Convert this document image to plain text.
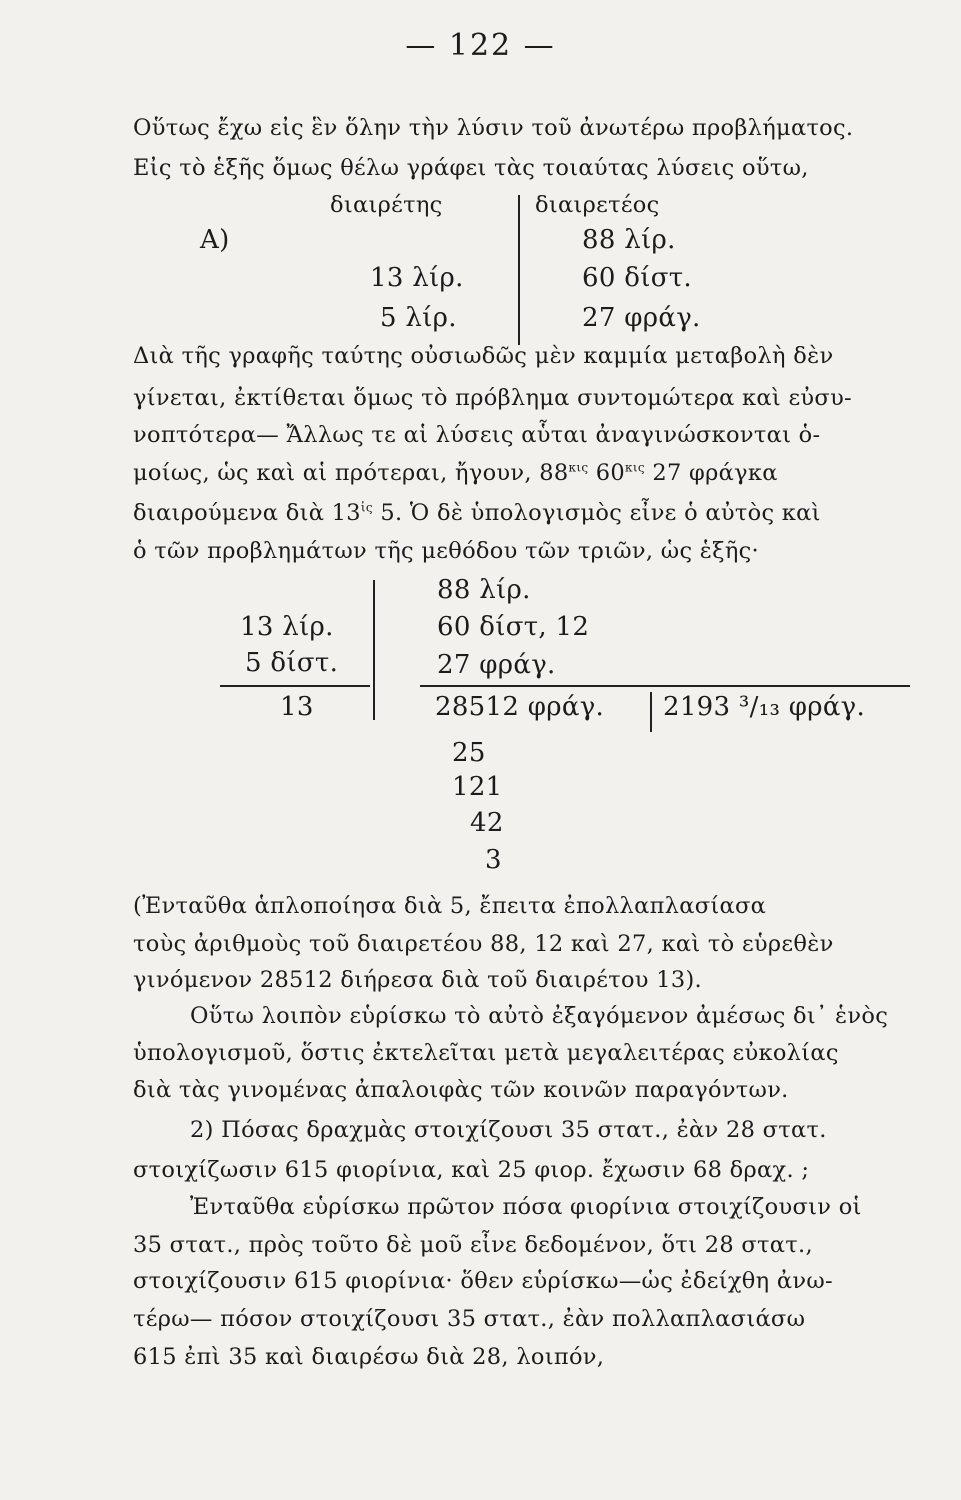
— 122 —
Οὕτως ἔχω εἰς ἓν ὅλην τὴν λύσιν τοῦ ἀνωτέρω προβλήματος.
Εἰς τὸ ἑξῆς ὅμως θέλω γράφει τὰς τοιαύτας λύσεις οὕτω,
Α)
διαιρέτης	διαιρετέος
13 λίρ.
5 λίρ.
88 λίρ.
60 δίστ.
27 φράγ.
Διὰ τῆς γραφῆς ταύτης οὐσιωδῶς μὲν καμμία μεταβολὴ δὲν
γίνεται, ἐκτίθεται ὅμως τὸ πρόβλημα συντομώτερα καὶ εὐσυ-
νοπτότερα— Ἄλλως τε αἱ λύσεις αὗται ἀναγινώσκονται ὁ-
μοίως, ὡς καὶ αἱ πρότεραι, ἤγουν, $88^{\kappa\iota\varsigma}$ $60^{\kappa\iota\varsigma}$ 27 φράγκα
διαιρούμενα διὰ $13^{ἰ\varsigma}$ 5. Ὁ δὲ ὑπολογισμὸς εἶνε ὁ αὐτὸς καὶ
ὁ τῶν προβλημάτων τῆς μεθόδου τῶν τριῶν, ὡς ἑξῆς·
88 λίρ.
60 δίστ, 12
27 φράγ.
13 λίρ.
5 δίστ.
13	28512 φράγ. 2193 ³/₁₃ φράγ.
25
121
42
3
(Ἐνταῦθα ἁπλοποίησα διὰ 5, ἔπειτα ἐπολλαπλασίασα
τοὺς ἀριθμοὺς τοῦ διαιρετέου 88, 12 καὶ 27, καὶ τὸ εὑρεθὲν
γινόμενον 28512 διήρεσα διὰ τοῦ διαιρέτου 13).
Οὕτω λοιπὸν εὑρίσκω τὸ αὐτὸ ἐξαγόμενον ἀμέσως δι᾿ ἑνὸς
ὑπολογισμοῦ, ὅστις ἐκτελεῖται μετὰ μεγαλειτέρας εὐκολίας
διὰ τὰς γινομένας ἀπαλοιφὰς τῶν κοινῶν παραγόντων.
2) Πόσας δραχμὰς στοιχίζουσι 35 στατ., ἐὰν 28 στατ.
στοιχίζωσιν 615 φιορίνια, καὶ 25 φιορ. ἔχωσιν 68 δραχ. ;
Ἐνταῦθα εὑρίσκω πρῶτον πόσα φιορίνια στοιχίζουσιν οἱ
35 στατ., πρὸς τοῦτο δὲ μοῦ εἶνε δεδομένον, ὅτι 28 στατ.,
στοιχίζουσιν 615 φιορίνια· ὅθεν εὑρίσκω—ὡς ἐδείχθη ἀνω-
τέρω— πόσον στοιχίζουσι 35 στατ., ἐὰν πολλαπλασιάσω
615 ἐπὶ 35 καὶ διαιρέσω διὰ 28, λοιπόν,
